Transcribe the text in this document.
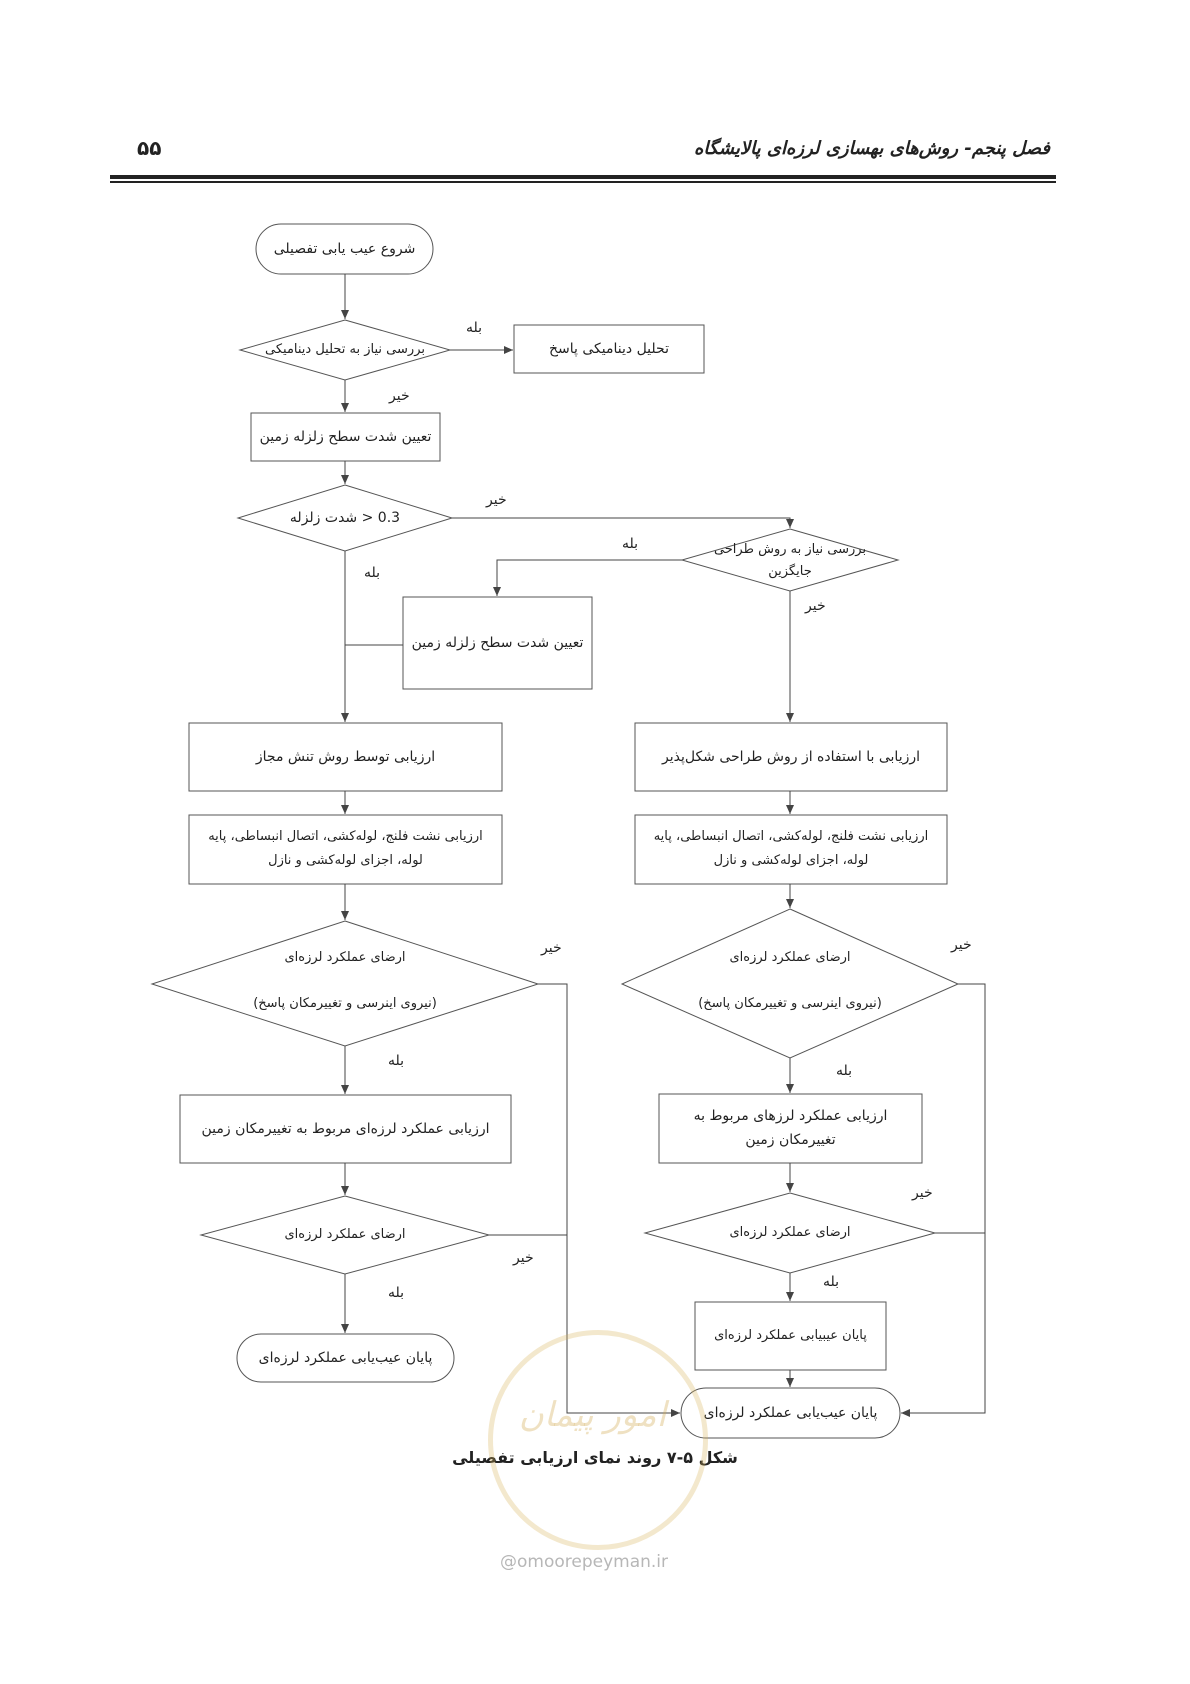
فصل پنجم- روش‌های بهسازی لرزه‌ای پالایشگاه
۵۵
شروع عیب یابی تفصیلی
بررسی نیاز به تحلیل دینامیکی	تحلیل دینامیکی پاسخ
تعیین شدت سطح زلزله زمین
0.3 < شدت زلزله
بررسی نیاز به روش طراحی
جایگزین
تعیین شدت سطح زلزله زمین
ارزیابی توسط روش تنش مجاز
ارزیابی نشت فلنج، لوله‌کشی، اتصال انبساطی، پایه
لوله، اجزای لوله‌کشی و نازل
ارضای عملکرد لرزه‌ای
(نیروی اینرسی و تغییرمکان پاسخ)
ارزیابی عملکرد لرزه‌ای مربوط به تغییرمکان زمین
ارضای عملکرد لرزه‌ای
پایان عیب‌یابی عملکرد لرزه‌ای
ارزیابی با استفاده از روش طراحی شکل‌پذیر
ارزیابی نشت فلنج، لوله‌کشی، اتصال انبساطی، پایه
لوله، اجزای لوله‌کشی و نازل
ارضای عملکرد لرزه‌ای
(نیروی اینرسی و تغییرمکان پاسخ)
ارزیابی عملکرد لرزهای مربوط به
تغییرمکان زمین
ارضای عملکرد لرزه‌ای
پایان عیبیابی عملکرد لرزه‌ای
پایان عیب‌یابی عملکرد لرزه‌ای
بله
خیر
خیر
بله
بله
خیر
خیر
بله
خیر
بله
خیر
بله
خیر
بله
شکل ۵-۷ روند نمای ارزیابی تفصیلی
امور پیمان
@omoorepeyman.ir
